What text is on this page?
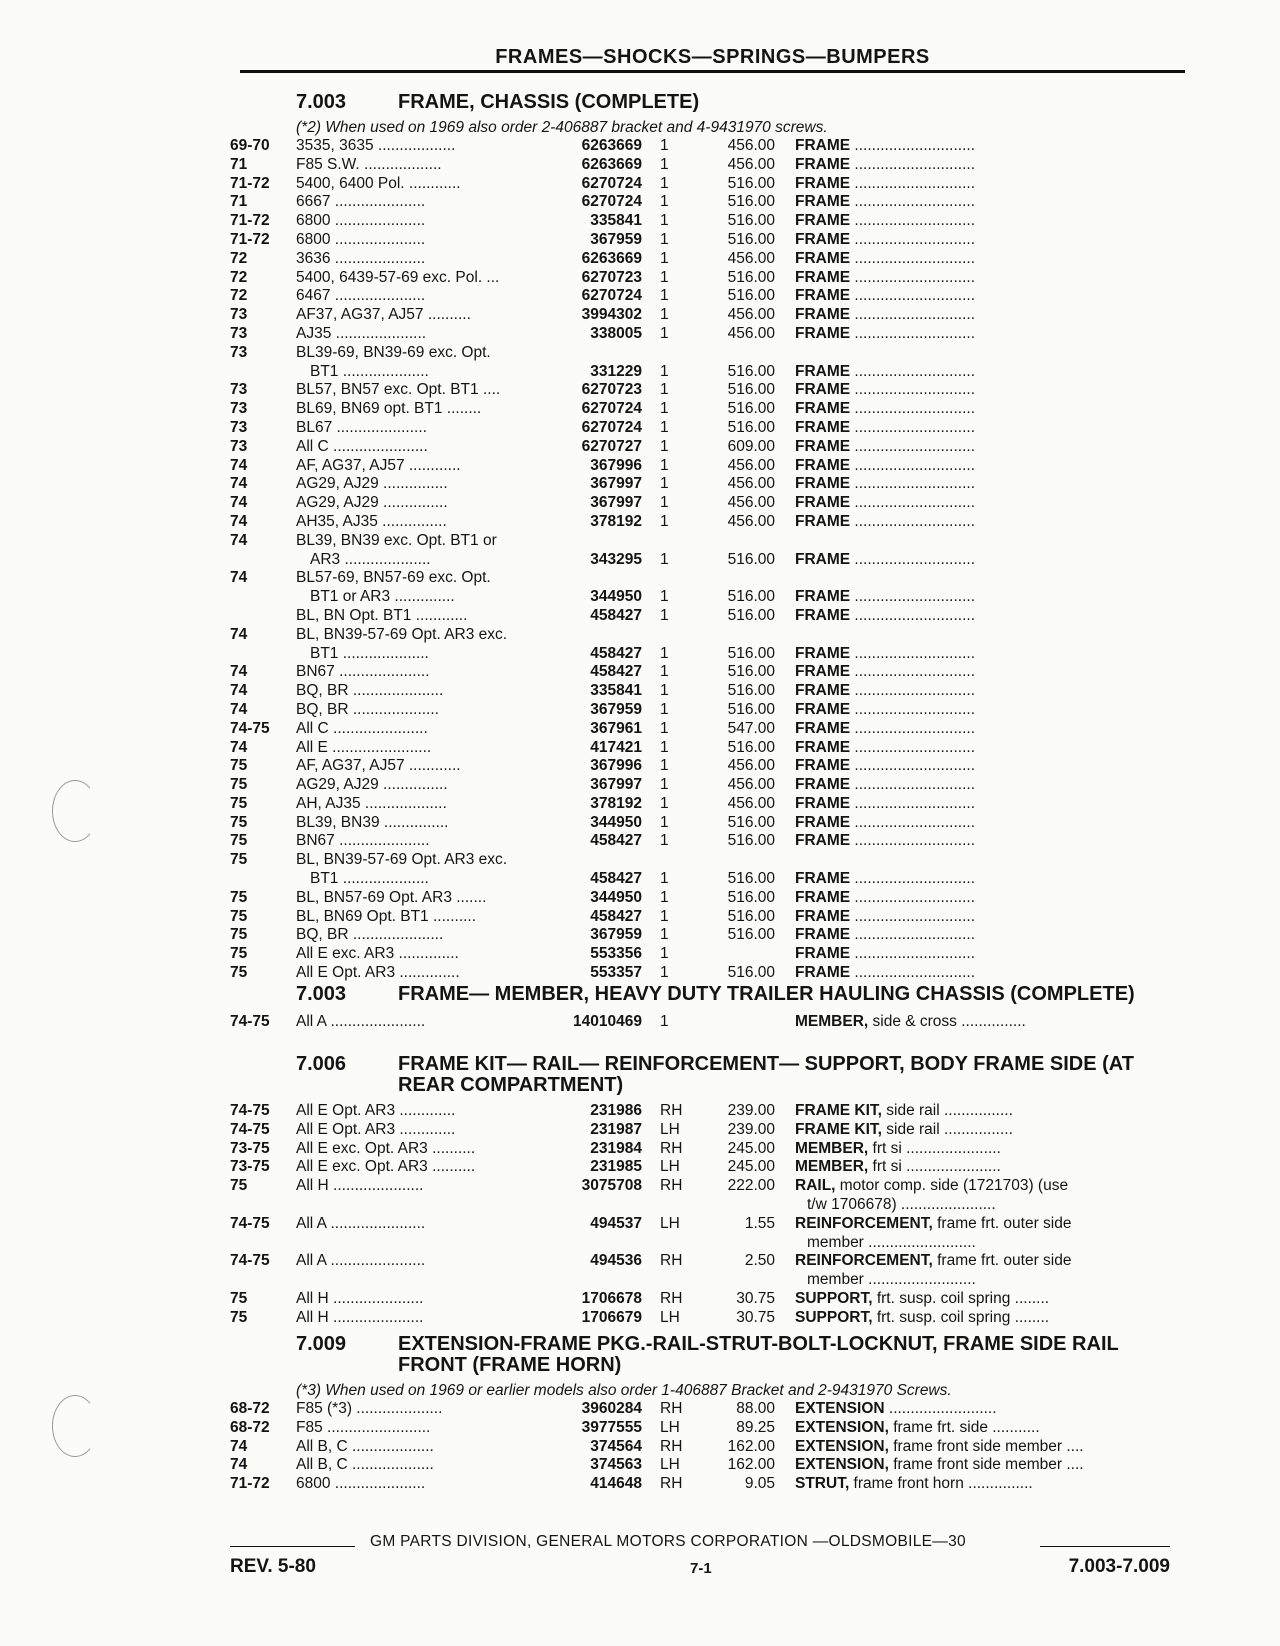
FRAMES—SHOCKS—SPRINGS—BUMPERS
7.003	FRAME, CHASSIS (COMPLETE)
(*2) When used on 1969 also order 2-406887 bracket and 4-9431970 screws.
69-70	3535, 3635 ..................	6263669 1	456.00 FRAME ............................
71	F85 S.W. ..................	6263669 1	456.00 FRAME ............................
71-72	5400, 6400 Pol. ............	6270724 1	516.00 FRAME ............................
71	6667 .....................	6270724 1	516.00 FRAME ............................
71-72	6800 .....................	335841 1	516.00 FRAME ............................
71-72	6800 .....................	367959 1	516.00 FRAME ............................
72	3636 .....................	6263669 1	456.00 FRAME ............................
72	5400, 6439-57-69 exc. Pol. ...	6270723 1	516.00 FRAME ............................
72	6467 .....................	6270724 1	516.00 FRAME ............................
73	AF37, AG37, AJ57 ..........	3994302 1	456.00 FRAME ............................
73	AJ35 .....................	338005 1	456.00 FRAME ............................
73	BL39-69, BN39-69 exc. Opt.
BT1 ....................	331229 1	516.00 FRAME ............................
73	BL57, BN57 exc. Opt. BT1 ....	6270723 1	516.00 FRAME ............................
73	BL69, BN69 opt. BT1 ........	6270724 1	516.00 FRAME ............................
73	BL67 .....................	6270724 1	516.00 FRAME ............................
73	All C ......................	6270727 1	609.00 FRAME ............................
74	AF, AG37, AJ57 ............	367996 1	456.00 FRAME ............................
74	AG29, AJ29 ...............	367997 1	456.00 FRAME ............................
74	AG29, AJ29 ...............	367997 1	456.00 FRAME ............................
74	AH35, AJ35 ...............	378192 1	456.00 FRAME ............................
74	BL39, BN39 exc. Opt. BT1 or
AR3 ....................	343295 1	516.00 FRAME ............................
74	BL57-69, BN57-69 exc. Opt.
BT1 or AR3 ..............	344950 1	516.00 FRAME ............................
BL, BN Opt. BT1 ............	458427 1	516.00 FRAME ............................
74	BL, BN39-57-69 Opt. AR3 exc.
BT1 ....................	458427 1	516.00 FRAME ............................
74	BN67 .....................	458427 1	516.00 FRAME ............................
74	BQ, BR .....................	335841 1	516.00 FRAME ............................
74	BQ, BR ....................	367959 1	516.00 FRAME ............................
74-75	All C ......................	367961 1	547.00 FRAME ............................
74	All E .......................	417421 1	516.00 FRAME ............................
75	AF, AG37, AJ57 ............	367996 1	456.00 FRAME ............................
75	AG29, AJ29 ...............	367997 1	456.00 FRAME ............................
75	AH, AJ35 ...................	378192 1	456.00 FRAME ............................
75	BL39, BN39 ...............	344950 1	516.00 FRAME ............................
75	BN67 .....................	458427 1	516.00 FRAME ............................
75	BL, BN39-57-69 Opt. AR3 exc.
BT1 ....................	458427 1	516.00 FRAME ............................
75	BL, BN57-69 Opt. AR3 .......	344950 1	516.00 FRAME ............................
75	BL, BN69 Opt. BT1 ..........	458427 1	516.00 FRAME ............................
75	BQ, BR .....................	367959 1	516.00 FRAME ............................
75	All E exc. AR3 ..............	553356 1	FRAME ............................
75	All E Opt. AR3 ..............	553357 1	516.00 FRAME ............................
7.003	FRAME— MEMBER, HEAVY DUTY TRAILER HAULING CHASSIS (COMPLETE)
74-75	All A ......................	14010469 1	MEMBER, side & cross ...............
7.006	FRAME KIT— RAIL— REINFORCEMENT— SUPPORT, BODY FRAME SIDE (AT REAR COMPARTMENT)
74-75	All E Opt. AR3 .............	231986 RH	239.00 FRAME KIT, side rail ................
74-75	All E Opt. AR3 .............	231987 LH	239.00 FRAME KIT, side rail ................
73-75	All E exc. Opt. AR3 ..........	231984 RH	245.00 MEMBER, frt si ......................
73-75	All E exc. Opt. AR3 ..........	231985 LH	245.00 MEMBER, frt si ......................
75	All H .....................	3075708 RH	222.00 RAIL, motor comp. side (1721703) (use
t/w 1706678) ......................
74-75	All A ......................	494537 LH	1.55 REINFORCEMENT, frame frt. outer side
member .........................
74-75	All A ......................	494536 RH	2.50 REINFORCEMENT, frame frt. outer side
member .........................
75	All H .....................	1706678 RH	30.75 SUPPORT, frt. susp. coil spring ........
75	All H .....................	1706679 LH	30.75 SUPPORT, frt. susp. coil spring ........
7.009	EXTENSION-FRAME PKG.-RAIL-STRUT-BOLT-LOCKNUT, FRAME SIDE RAIL FRONT (FRAME HORN)
(*3) When used on 1969 or earlier models also order 1-406887 Bracket and 2-9431970 Screws.
68-72	F85 (*3) ....................	3960284 RH	88.00 EXTENSION .........................
68-72	F85 ........................	3977555 LH	89.25 EXTENSION, frame frt. side ...........
74	All B, C ...................	374564 RH	162.00 EXTENSION, frame front side member ....
74	All B, C ...................	374563 LH	162.00 EXTENSION, frame front side member ....
71-72	6800 .....................	414648 RH	9.05 STRUT, frame front horn ...............
GM PARTS DIVISION, GENERAL MOTORS CORPORATION —OLDSMOBILE—30
REV. 5-80	7-1	7.003-7.009
